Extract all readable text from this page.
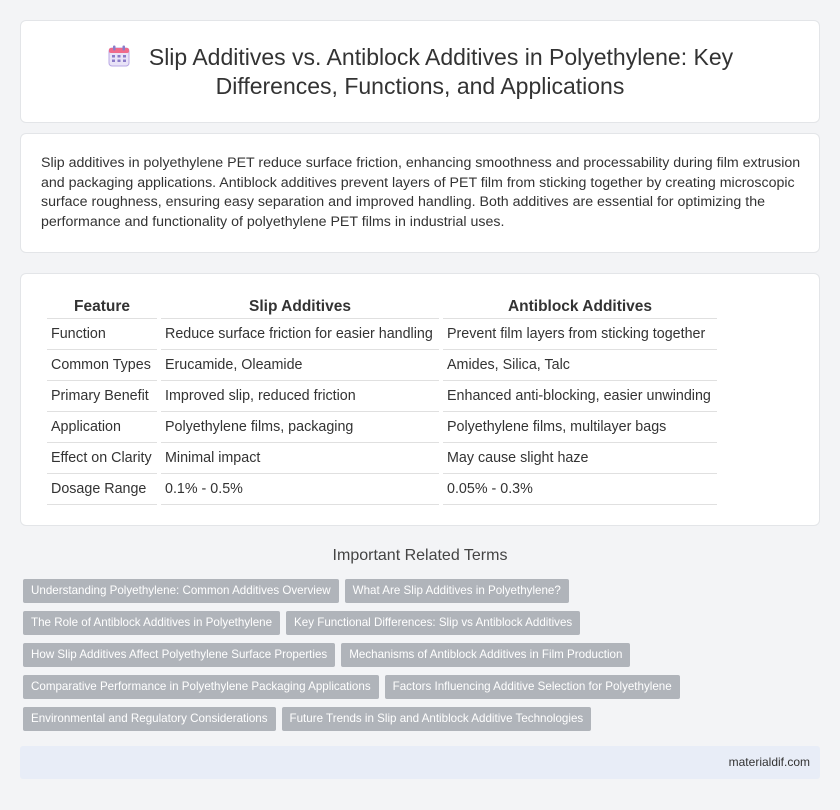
Slip Additives vs. Antiblock Additives in Polyethylene: Key
Differences, Functions, and Applications

Slip additives in polyethylene PET reduce surface friction, enhancing smoothness and processability during film extrusion and packaging applications. Antiblock additives prevent layers of PET film from sticking together by creating microscopic surface roughness, ensuring easy separation and improved handling. Both additives are essential for optimizing the performance and functionality of polyethylene PET films in industrial uses.

Feature	Slip Additives	Antiblock Additives
Function	Reduce surface friction for easier handling	Prevent film layers from sticking together
Common Types	Erucamide, Oleamide	Amides, Silica, Talc
Primary Benefit	Improved slip, reduced friction	Enhanced anti-blocking, easier unwinding
Application	Polyethylene films, packaging	Polyethylene films, multilayer bags
Effect on Clarity	Minimal impact	May cause slight haze
Dosage Range	0.1% - 0.5%	0.05% - 0.3%
Important Related Terms
Understanding Polyethylene: Common Additives Overview What Are Slip Additives in Polyethylene?
The Role of Antiblock Additives in Polyethylene Key Functional Differences: Slip vs Antiblock Additives
How Slip Additives Affect Polyethylene Surface Properties Mechanisms of Antiblock Additives in Film Production
Comparative Performance in Polyethylene Packaging Applications Factors Influencing Additive Selection for Polyethylene
Environmental and Regulatory Considerations Future Trends in Slip and Antiblock Additive Technologies
materialdif.com
